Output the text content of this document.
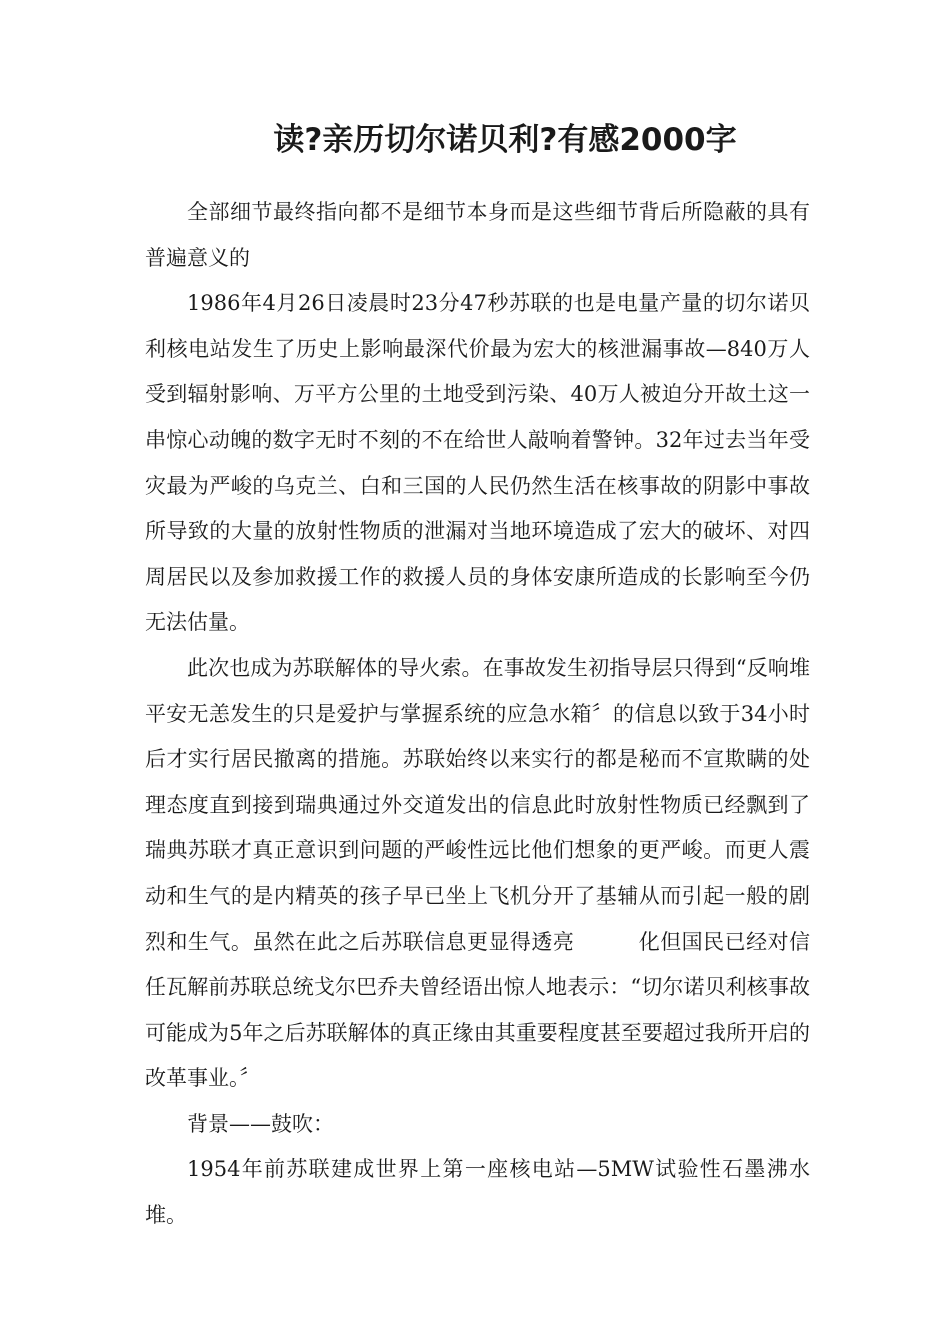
读?亲历切尔诺贝利?有感2000字

全部细节最终指向都不是细节本身而是这些细节背后所隐蔽的具有普遍意义的

1986年4月26日凌晨时23分47秒苏联的也是电量产量的切尔诺贝利核电站发生了历史上影响最深代价最为宏大的核泄漏事故—840万人受到辐射影响、万平方公里的土地受到污染、40万人被迫分开故土这一串惊心动魄的数字无时不刻的不在给世人敲响着警钟。32年过去当年受灾最为严峻的乌克兰、白和三国的人民仍然生活在核事故的阴影中事故所导致的大量的放射性物质的泄漏对当地环境造成了宏大的破坏、对四周居民以及参加救援工作的救援人员的身体安康所造成的长影响至今仍无法估量。

此次也成为苏联解体的导火索。在事故发生初指导层只得到“反响堆平安无恙发生的只是爱护与掌握系统的应急水箱〞的信息以致于34小时后才实行居民撤离的措施。苏联始终以来实行的都是秘而不宣欺瞒的处理态度直到接到瑞典通过外交道发出的信息此时放射性物质已经飘到了瑞典苏联才真正意识到问题的严峻性远比他们想象的更严峻。而更人震动和生气的是内精英的孩子早已坐上飞机分开了基辅从而引起一般的剧烈和生气。虽然在此之后苏联信息更显得透亮　　　化但国民已经对信任瓦解前苏联总统戈尔巴乔夫曾经语出惊人地表示：“切尔诺贝利核事故可能成为5年之后苏联解体的真正缘由其重要程度甚至要超过我所开启的改革事业。〞

背景——鼓吹：

1954年前苏联建成世界上第一座核电站—5MW试验性石墨沸水堆。
